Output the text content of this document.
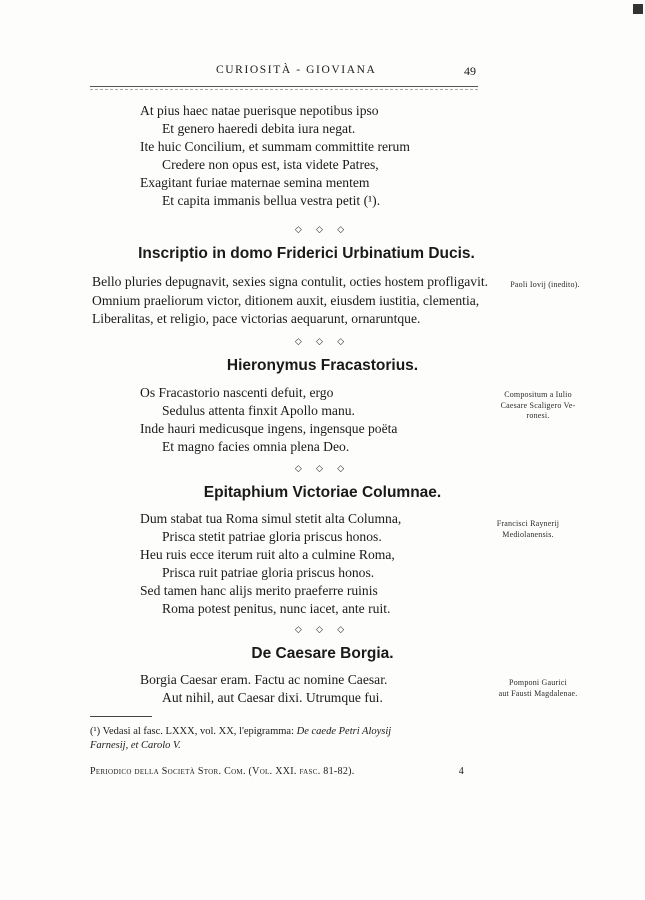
CURIOSITÀ - GIOVIANA	49
At pius haec natae puerisque nepotibus ipso
Et genero haeredi debita iura negat.
Ite huic Concilium, et summam committite rerum
Credere non opus est, ista videte Patres,
Exagitant furiae maternae semina mentem
Et capita immanis bellua vestra petit (¹).
◇ ◇ ◇
Inscriptio in domo Friderici Urbinatium Ducis.
Bello pluries depugnavit, sexies signa contulit, octies hostem profligavit.
Omnium praeliorum victor, ditionem auxit, eiusdem iustitia, clementia,
Liberalitas, et religio, pace victorias aequarunt, ornaruntque.
Paoli Iovij (inedito).
◇ ◇ ◇
Hieronymus Fracastorius.
Os Fracastorio nascenti defuit, ergo
Sedulus attenta finxit Apollo manu.
Inde hauri medicusque ingens, ingensque poëta
Et magno facies omnia plena Deo.
Compositum a Iulio
Caesare Scaligero Ve-
ronesi.
◇ ◇ ◇
Epitaphium Victoriae Columnae.
Dum stabat tua Roma simul stetit alta Columna,
Prisca stetit patriae gloria priscus honos.
Heu ruis ecce iterum ruit alto a culmine Roma,
Prisca ruit patriae gloria priscus honos.
Sed tamen hanc alijs merito praeferre ruinis
Roma potest penitus, nunc iacet, ante ruit.
Francisci Raynerij
Mediolanensis.
◇ ◇ ◇
De Caesare Borgia.
Borgia Caesar eram. Factu ac nomine Caesar.
Aut nihil, aut Caesar dixi. Utrumque fui.
Pomponi Gaurici
aut Fausti Magdalenae.
(¹) Vedasi al fasc. LXXX, vol. XX, l'epigramma: De caede Petri Aloysij
Farnesij, et Carolo V.
Periodico della Società Stor. Com. (Vol. XXI. fasc. 81-82).	4
